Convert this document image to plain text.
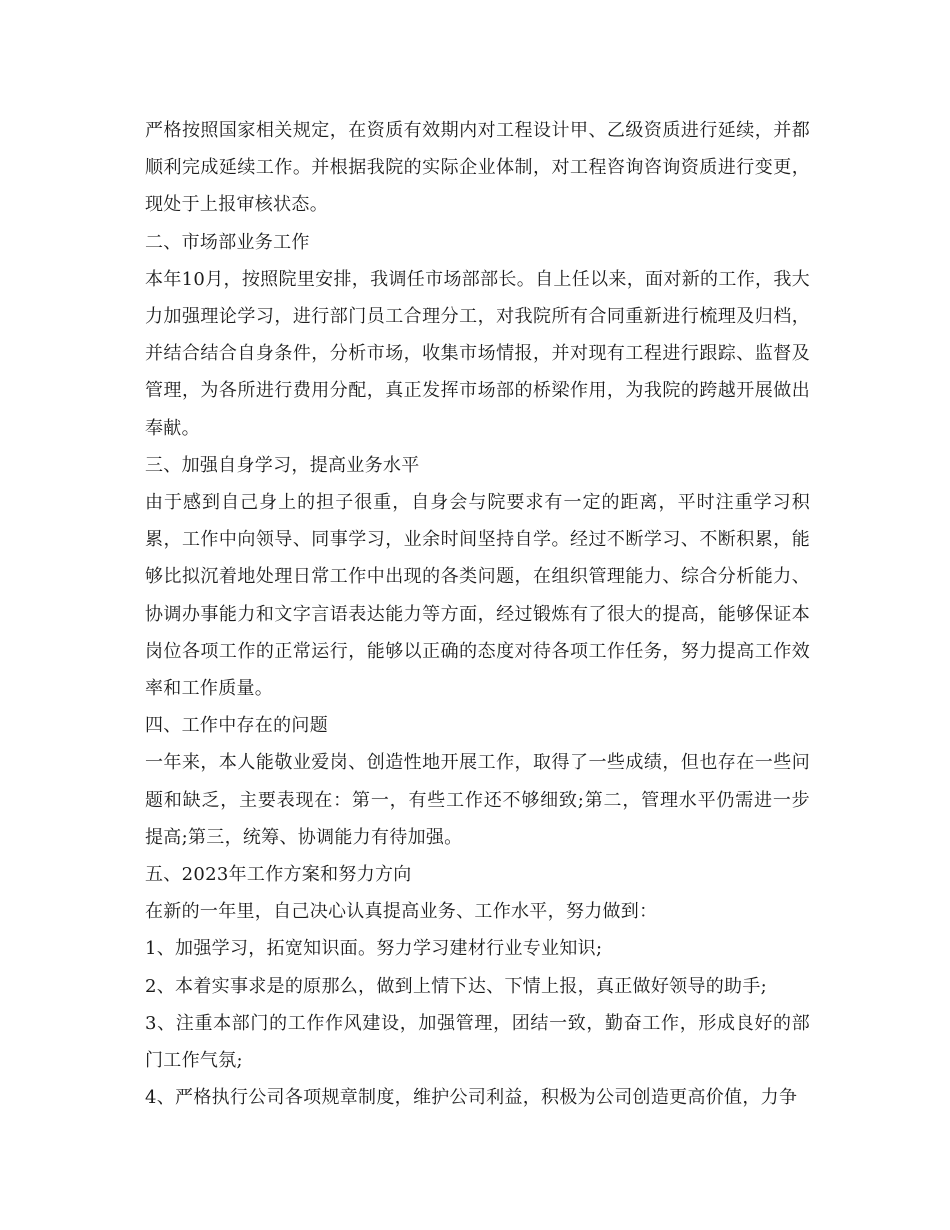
严格按照国家相关规定，在资质有效期内对工程设计甲、乙级资质进行延续，并都顺利完成延续工作。并根据我院的实际企业体制，对工程咨询咨询资质进行变更，现处于上报审核状态。

二、市场部业务工作

本年10月，按照院里安排，我调任市场部部长。自上任以来，面对新的工作，我大力加强理论学习，进行部门员工合理分工，对我院所有合同重新进行梳理及归档，并结合结合自身条件，分析市场，收集市场情报，并对现有工程进行跟踪、监督及管理，为各所进行费用分配，真正发挥市场部的桥梁作用，为我院的跨越开展做出奉献。

三、加强自身学习，提高业务水平

由于感到自己身上的担子很重，自身会与院要求有一定的距离，平时注重学习积累，工作中向领导、同事学习，业余时间坚持自学。经过不断学习、不断积累，能够比拟沉着地处理日常工作中出现的各类问题，在组织管理能力、综合分析能力、协调办事能力和文字言语表达能力等方面，经过锻炼有了很大的提高，能够保证本岗位各项工作的正常运行，能够以正确的态度对待各项工作任务，努力提高工作效率和工作质量。

四、工作中存在的问题

一年来，本人能敬业爱岗、创造性地开展工作，取得了一些成绩，但也存在一些问题和缺乏，主要表现在：第一，有些工作还不够细致;第二，管理水平仍需进一步提高;第三，统筹、协调能力有待加强。

五、2023年工作方案和努力方向

在新的一年里，自己决心认真提高业务、工作水平，努力做到：

1、加强学习，拓宽知识面。努力学习建材行业专业知识;

2、本着实事求是的原那么，做到上情下达、下情上报，真正做好领导的助手;

3、注重本部门的工作作风建设，加强管理，团结一致，勤奋工作，形成良好的部门工作气氛;

4、严格执行公司各项规章制度，维护公司利益，积极为公司创造更高价值，力争
